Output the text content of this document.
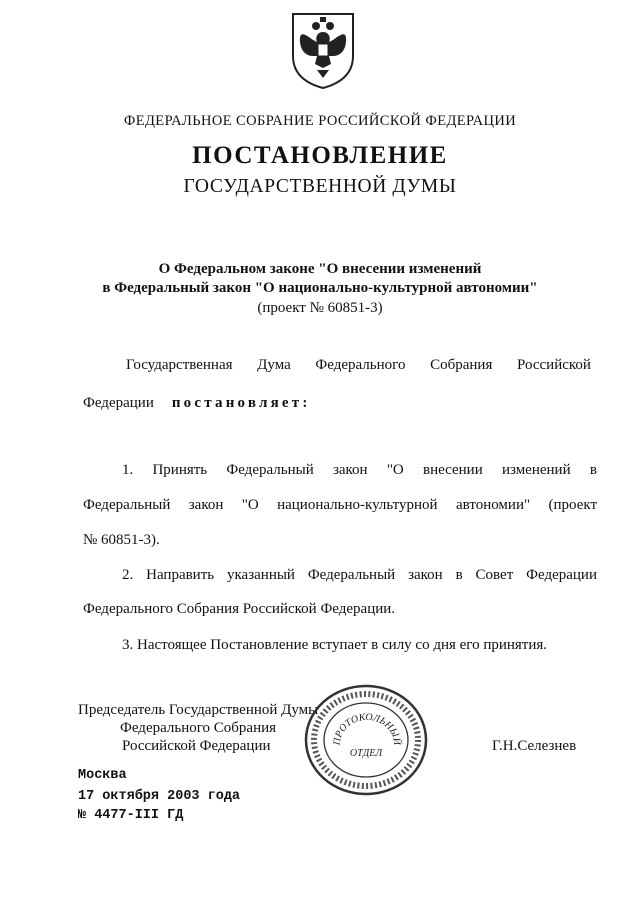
ФЕДЕРАЛЬНОЕ СОБРАНИЕ РОССИЙСКОЙ ФЕДЕРАЦИИ
ПОСТАНОВЛЕНИЕ
ГОСУДАРСТВЕННОЙ ДУМЫ
О Федеральном законе "О внесении изменений
в Федеральный закон "О национально-культурной автономии"
(проект № 60851-3)
Государственная Дума Федерального Собрания Российской
Федерации постановляет:
1. Принять Федеральный закон "О внесении изменений в
Федеральный закон "О национально-культурной автономии" (проект
№ 60851-3).
2. Направить указанный Федеральный закон в Совет Федерации
Федерального Собрания Российской Федерации.
3. Настоящее Постановление вступает в силу со дня его принятия.
Председатель Государственной Думы
Федерального Собрания
Российской Федерации	Г.Н.Селезнев
ПРОТОКОЛЬНЫЙ
ОТДЕЛ
Москва
17 октября 2003 года
№ 4477-III ГД
